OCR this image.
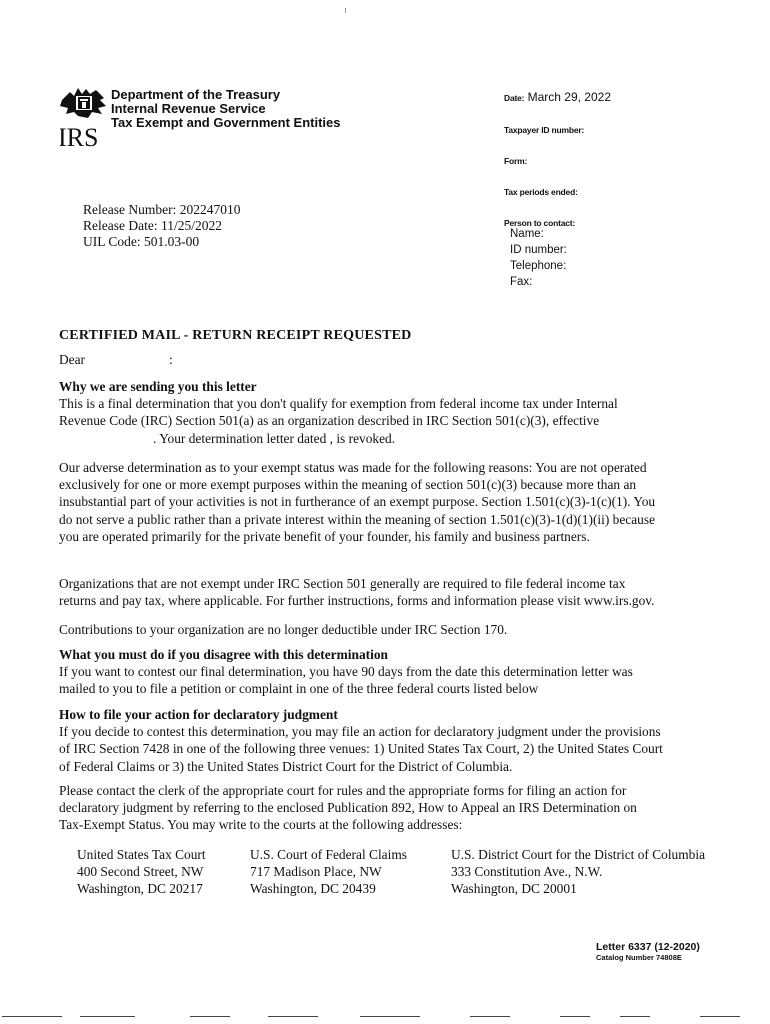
IRS
Department of the Treasury
Internal Revenue Service
Tax Exempt and Government Entities
Date: March 29, 2022
Taxpayer ID number:
Form:
Tax periods ended:
Person to contact:
Name:
ID number:
Telephone:
Fax:
Release Number: 202247010
Release Date: 11/25/2022
UIL Code: 501.03-00
CERTIFIED MAIL - RETURN RECEIPT REQUESTED
Dear	:
Why we are sending you this letter
This is a final determination that you don't qualify for exemption from federal income tax under Internal
Revenue Code (IRC) Section 501(a) as an organization described in IRC Section 501(c)(3), effective
. Your determination letter dated , is revoked.
Our adverse determination as to your exempt status was made for the following reasons: You are not operated
exclusively for one or more exempt purposes within the meaning of section 501(c)(3) because more than an
insubstantial part of your activities is not in furtherance of an exempt purpose. Section 1.501(c)(3)-1(c)(1). You
do not serve a public rather than a private interest within the meaning of section 1.501(c)(3)-1(d)(1)(ii) because
you are operated primarily for the private benefit of your founder, his family and business partners.
Organizations that are not exempt under IRC Section 501 generally are required to file federal income tax
returns and pay tax, where applicable. For further instructions, forms and information please visit www.irs.gov.
Contributions to your organization are no longer deductible under IRC Section 170.
What you must do if you disagree with this determination
If you want to contest our final determination, you have 90 days from the date this determination letter was
mailed to you to file a petition or complaint in one of the three federal courts listed below
How to file your action for declaratory judgment
If you decide to contest this determination, you may file an action for declaratory judgment under the provisions
of IRC Section 7428 in one of the following three venues: 1) United States Tax Court, 2) the United States Court
of Federal Claims or 3) the United States District Court for the District of Columbia.
Please contact the clerk of the appropriate court for rules and the appropriate forms for filing an action for
declaratory judgment by referring to the enclosed Publication 892, How to Appeal an IRS Determination on
Tax-Exempt Status. You may write to the courts at the following addresses:
United States Tax Court
400 Second Street, NW
Washington, DC 20217
U.S. Court of Federal Claims
717 Madison Place, NW
Washington, DC 20439
U.S. District Court for the District of Columbia
333 Constitution Ave., N.W.
Washington, DC 20001
Letter 6337 (12-2020)
Catalog Number 74808E
